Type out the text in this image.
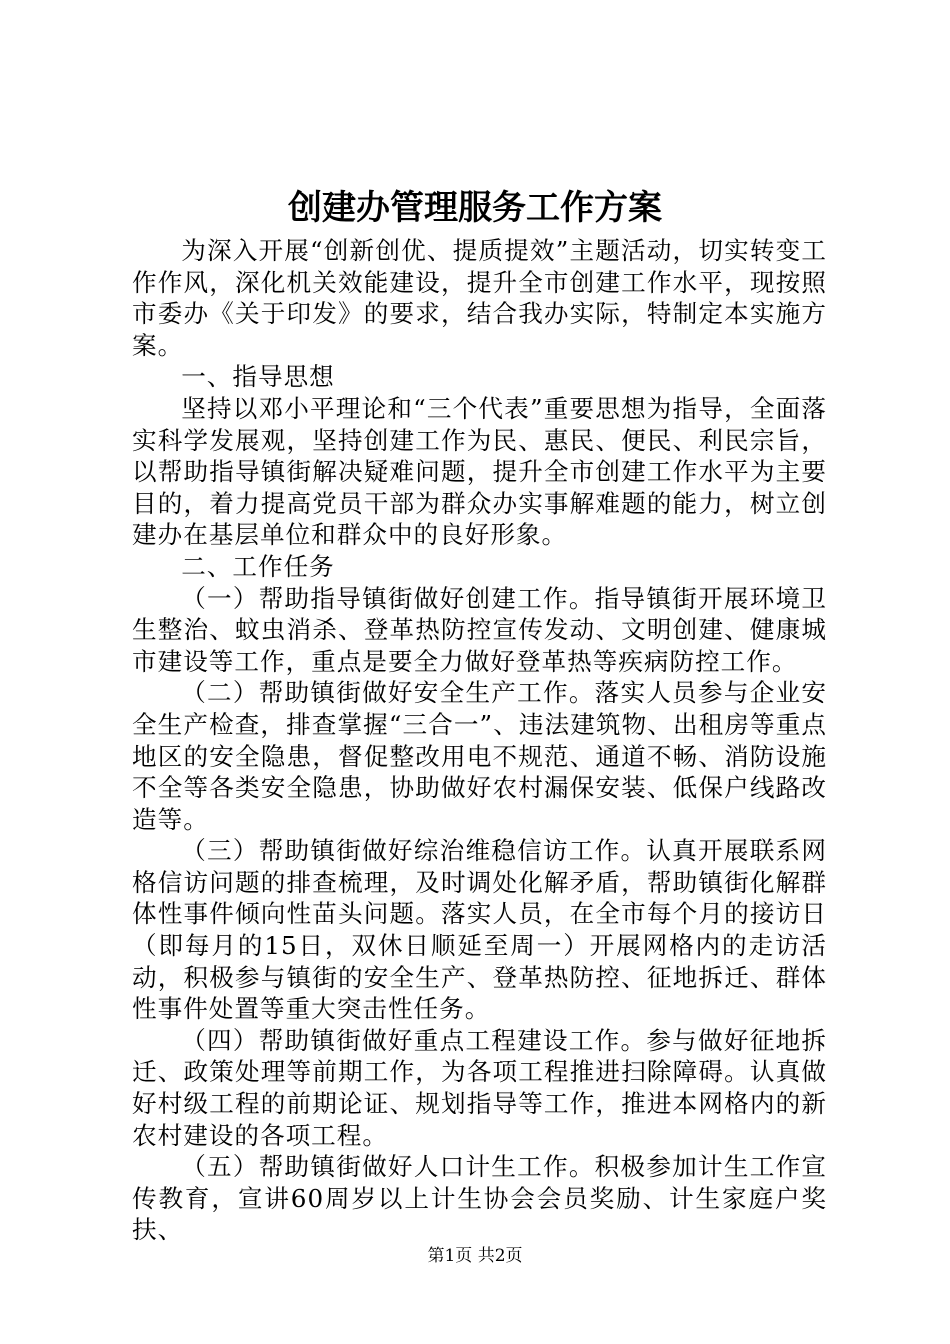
创建办管理服务工作方案

为深入开展“创新创优、提质提效”主题活动，切实转变工作作风，深化机关效能建设，提升全市创建工作水平，现按照市委办《关于印发》的要求，结合我办实际，特制定本实施方案。

一、指导思想

坚持以邓小平理论和“三个代表”重要思想为指导，全面落实科学发展观，坚持创建工作为民、惠民、便民、利民宗旨，以帮助指导镇街解决疑难问题，提升全市创建工作水平为主要目的，着力提高党员干部为群众办实事解难题的能力，树立创建办在基层单位和群众中的良好形象。

二、工作任务

（一）帮助指导镇街做好创建工作。指导镇街开展环境卫生整治、蚊虫消杀、登革热防控宣传发动、文明创建、健康城市建设等工作，重点是要全力做好登革热等疾病防控工作。

（二）帮助镇街做好安全生产工作。落实人员参与企业安全生产检查，排查掌握“三合一”、违法建筑物、出租房等重点地区的安全隐患，督促整改用电不规范、通道不畅、消防设施不全等各类安全隐患，协助做好农村漏保安装、低保户线路改造等。

（三）帮助镇街做好综治维稳信访工作。认真开展联系网格信访问题的排查梳理，及时调处化解矛盾，帮助镇街化解群体性事件倾向性苗头问题。落实人员，在全市每个月的接访日（即每月的15日，双休日顺延至周一）开展网格内的走访活动，积极参与镇街的安全生产、登革热防控、征地拆迁、群体性事件处置等重大突击性任务。

（四）帮助镇街做好重点工程建设工作。参与做好征地拆迁、政策处理等前期工作，为各项工程推进扫除障碍。认真做好村级工程的前期论证、规划指导等工作，推进本网格内的新农村建设的各项工程。

（五）帮助镇街做好人口计生工作。积极参加计生工作宣传教育，宣讲60周岁以上计生协会会员奖励、计生家庭户奖扶、

第1页 共2页
